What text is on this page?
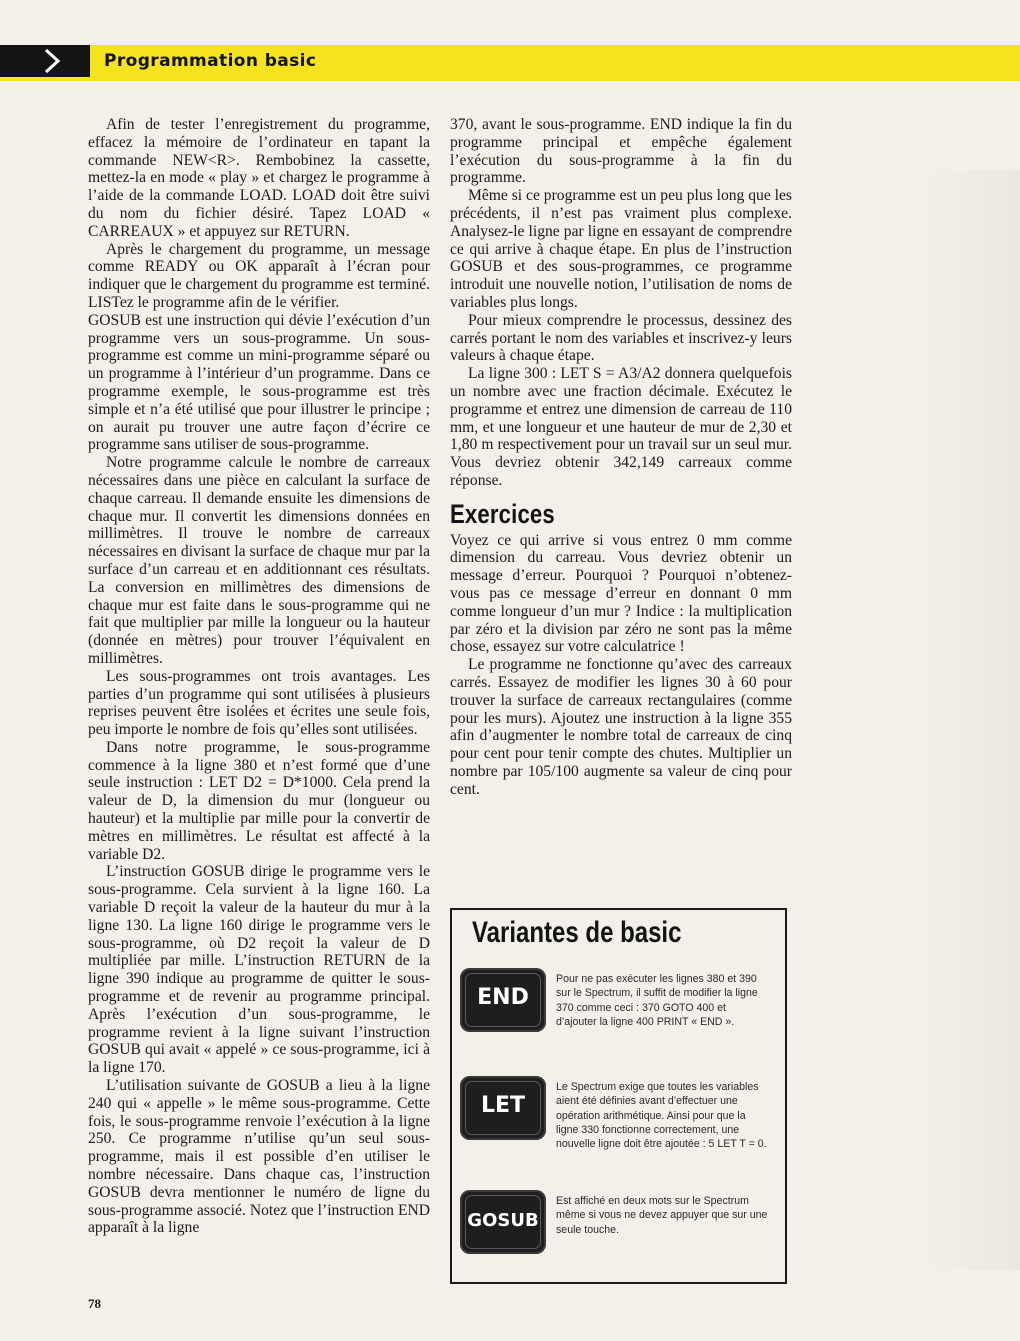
Programmation basic

Afin de tester l’enregistrement du programme, effacez la mémoire de l’ordinateur en tapant la commande NEW<R>. Rembobinez la cassette, mettez-la en mode « play » et chargez le programme à l’aide de la commande LOAD. LOAD doit être suivi du nom du fichier désiré. Tapez LOAD « CARREAUX » et appuyez sur RETURN.

Après le chargement du programme, un message comme READY ou OK apparaît à l’écran pour indiquer que le chargement du programme est terminé. LISTez le programme afin de le vérifier.

GOSUB est une instruction qui dévie l’exécution d’un programme vers un sous-programme. Un sous-programme est comme un mini-programme séparé ou un programme à l’intérieur d’un programme. Dans ce programme exemple, le sous-programme est très simple et n’a été utilisé que pour illustrer le principe ; on aurait pu trouver une autre façon d’écrire ce programme sans utiliser de sous-programme.

Notre programme calcule le nombre de carreaux nécessaires dans une pièce en calculant la surface de chaque carreau. Il demande ensuite les dimensions de chaque mur. Il convertit les dimensions données en millimètres. Il trouve le nombre de carreaux nécessaires en divisant la surface de chaque mur par la surface d’un carreau et en additionnant ces résultats. La conversion en millimètres des dimensions de chaque mur est faite dans le sous-programme qui ne fait que multiplier par mille la longueur ou la hauteur (donnée en mètres) pour trouver l’équivalent en millimètres.

Les sous-programmes ont trois avantages. Les parties d’un programme qui sont utilisées à plusieurs reprises peuvent être isolées et écrites une seule fois, peu importe le nombre de fois qu’elles sont utilisées.

Dans notre programme, le sous-programme commence à la ligne 380 et n’est formé que d’une seule instruction : LET D2 = D*1000. Cela prend la valeur de D, la dimension du mur (longueur ou hauteur) et la multiplie par mille pour la convertir de mètres en millimètres. Le résultat est affecté à la variable D2.

L’instruction GOSUB dirige le programme vers le sous-programme. Cela survient à la ligne 160. La variable D reçoit la valeur de la hauteur du mur à la ligne 130. La ligne 160 dirige le programme vers le sous-programme, où D2 reçoit la valeur de D multipliée par mille. L’instruction RETURN de la ligne 390 indique au programme de quitter le sous-programme et de revenir au programme principal. Après l’exécution d’un sous-programme, le programme revient à la ligne suivant l’instruction GOSUB qui avait « appelé » ce sous-programme, ici à la ligne 170.

L’utilisation suivante de GOSUB a lieu à la ligne 240 qui « appelle » le même sous-programme. Cette fois, le sous-programme renvoie l’exécution à la ligne 250. Ce programme n’utilise qu’un seul sous-programme, mais il est possible d’en utiliser le nombre nécessaire. Dans chaque cas, l’instruction GOSUB devra mentionner le numéro de ligne du sous-programme associé. Notez que l’instruction END apparaît à la ligne

370, avant le sous-programme. END indique la fin du programme principal et empêche également l’exécution du sous-programme à la fin du programme.

Même si ce programme est un peu plus long que les précédents, il n’est pas vraiment plus complexe. Analysez-le ligne par ligne en essayant de comprendre ce qui arrive à chaque étape. En plus de l’instruction GOSUB et des sous-programmes, ce programme introduit une nouvelle notion, l’utilisation de noms de variables plus longs.

Pour mieux comprendre le processus, dessinez des carrés portant le nom des variables et inscrivez-y leurs valeurs à chaque étape.

La ligne 300 : LET S = A3/A2 donnera quelquefois un nombre avec une fraction décimale. Exécutez le programme et entrez une dimension de carreau de 110 mm, et une longueur et une hauteur de mur de 2,30 et 1,80 m respectivement pour un travail sur un seul mur. Vous devriez obtenir 342,149 carreaux comme réponse.

Exercices

Voyez ce qui arrive si vous entrez 0 mm comme dimension du carreau. Vous devriez obtenir un message d’erreur. Pourquoi ? Pourquoi n’obtenez-vous pas ce message d’erreur en donnant 0 mm comme longueur d’un mur ? Indice : la multiplication par zéro et la division par zéro ne sont pas la même chose, essayez sur votre calculatrice !

Le programme ne fonctionne qu’avec des carreaux carrés. Essayez de modifier les lignes 30 à 60 pour trouver la surface de carreaux rectangulaires (comme pour les murs). Ajoutez une instruction à la ligne 355 afin d’augmenter le nombre total de carreaux de cinq pour cent pour tenir compte des chutes. Multiplier un nombre par 105/100 augmente sa valeur de cinq pour cent.

Variantes de basic
END
Pour ne pas exécuter les lignes 380 et 390 sur le Spectrum, il suffit de modifier la ligne 370 comme ceci : 370 GOTO 400 et d’ajouter la ligne 400 PRINT « END ».
LET
Le Spectrum exige que toutes les variables aient été définies avant d’effectuer une opération arithmétique. Ainsi pour que la ligne 330 fonctionne correctement, une nouvelle ligne doit être ajoutée : 5 LET T = 0.
GOSUB
Est affiché en deux mots sur le Spectrum même si vous ne devez appuyer que sur une seule touche.
78
